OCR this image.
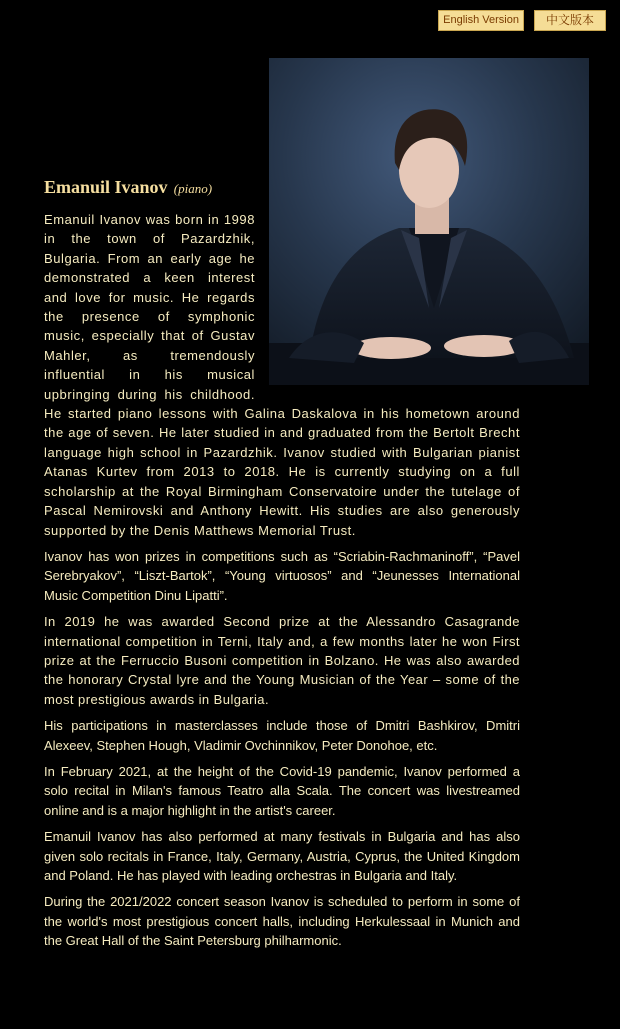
English Version	中文版本
Emanuil Ivanov (piano)

Emanuil Ivanov was born in 1998 in the town of Pazardzhik, Bulgaria. From an early age he demonstrated a keen interest and love for music. He regards the presence of symphonic music, especially that of Gustav Mahler, as tremendously influential in his musical upbringing during his childhood. He started piano lessons with Galina Daskalova in his hometown around the age of seven. He later studied in and graduated from the Bertolt Brecht language high school in Pazardzhik. Ivanov studied with Bulgarian pianist Atanas Kurtev from 2013 to 2018. He is currently studying on a full scholarship at the Royal Birmingham Conservatoire under the tutelage of Pascal Nemirovski and Anthony Hewitt. His studies are also generously supported by the Denis Matthews Memorial Trust.

Ivanov has won prizes in competitions such as “Scriabin-Rachmaninoff”, “Pavel Serebryakov”, “Liszt-Bartok”, “Young virtuosos” and “Jeunesses International Music Competition Dinu Lipatti”.

In 2019 he was awarded Second prize at the Alessandro Casagrande international competition in Terni, Italy and, a few months later he won First prize at the Ferruccio Busoni competition in Bolzano. He was also awarded the honorary Crystal lyre and the Young Musician of the Year – some of the most prestigious awards in Bulgaria.

His participations in masterclasses include those of Dmitri Bashkirov, Dmitri Alexeev, Stephen Hough, Vladimir Ovchinnikov, Peter Donohoe, etc.

In February 2021, at the height of the Covid-19 pandemic, Ivanov performed a solo recital in Milan's famous Teatro alla Scala. The concert was livestreamed online and is a major highlight in the artist's career.

Emanuil Ivanov has also performed at many festivals in Bulgaria and has also given solo recitals in France, Italy, Germany, Austria, Cyprus, the United Kingdom and Poland. He has played with leading orchestras in Bulgaria and Italy.

During the 2021/2022 concert season Ivanov is scheduled to perform in some of the world's most prestigious concert halls, including Herkulessaal in Munich and the Great Hall of the Saint Petersburg philharmonic.
